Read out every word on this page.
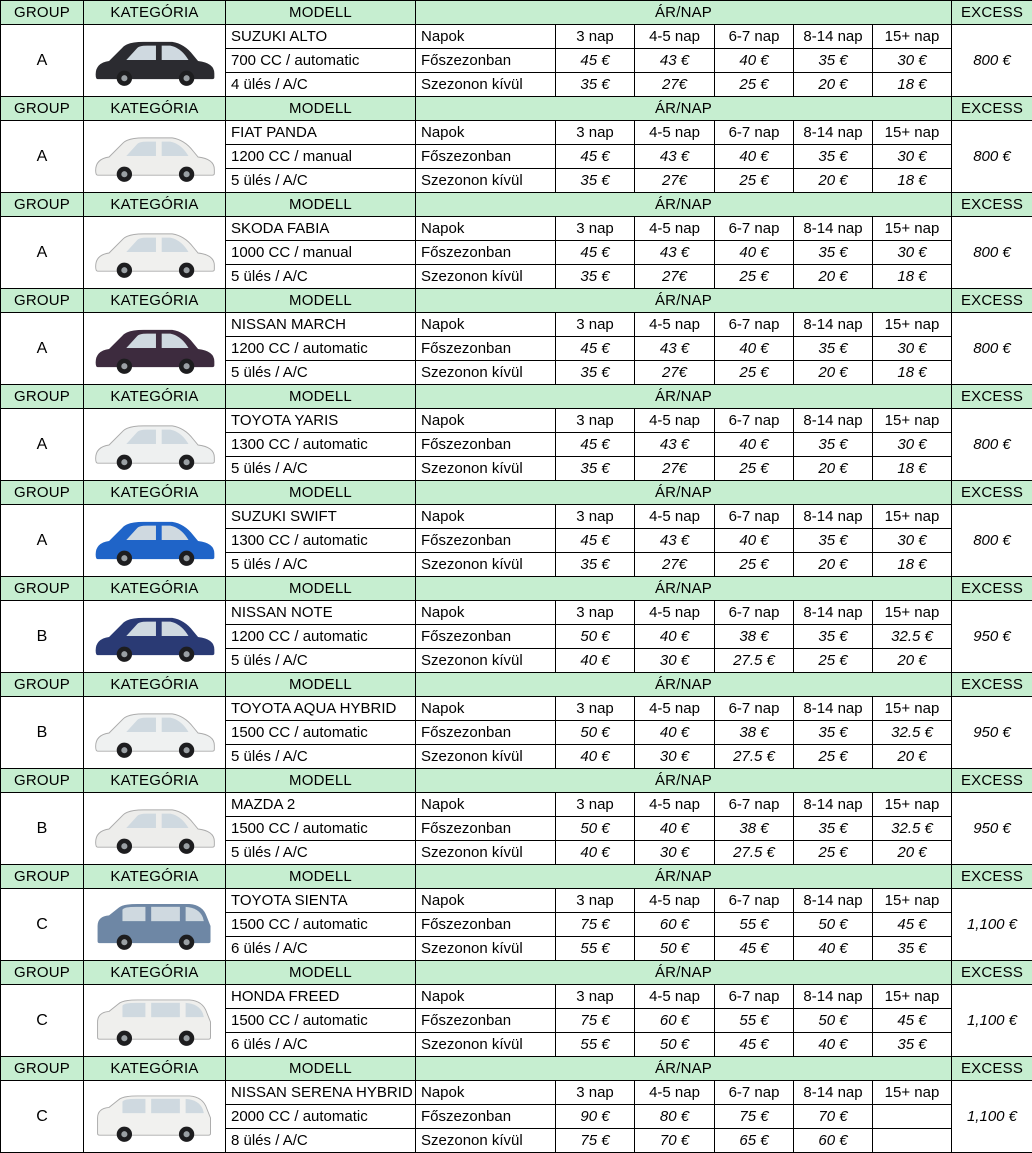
GROUP	KATEGÓRIA	MODELL	ÁR/NAP						EXCESS
A		SUZUKI ALTO	Napok	3 nap	4-5 nap	6-7 nap	8-14 nap	15+ nap	800 €
		700 CC / automatic	Főszezonban	45 €	43 €	40 €	35 €	30 €	
		4 ülés / A/C	Szezonon kívül	35 €	27€	25 €	20 €	18 €	
GROUP	KATEGÓRIA	MODELL	ÁR/NAP						EXCESS
A		FIAT PANDA	Napok	3 nap	4-5 nap	6-7 nap	8-14 nap	15+ nap	800 €
		1200 CC / manual	Főszezonban	45 €	43 €	40 €	35 €	30 €	
		5 ülés / A/C	Szezonon kívül	35 €	27€	25 €	20 €	18 €	
GROUP	KATEGÓRIA	MODELL	ÁR/NAP						EXCESS
A		SKODA FABIA	Napok	3 nap	4-5 nap	6-7 nap	8-14 nap	15+ nap	800 €
		1000 CC / manual	Főszezonban	45 €	43 €	40 €	35 €	30 €	
		5 ülés / A/C	Szezonon kívül	35 €	27€	25 €	20 €	18 €	
GROUP	KATEGÓRIA	MODELL	ÁR/NAP						EXCESS
A		NISSAN MARCH	Napok	3 nap	4-5 nap	6-7 nap	8-14 nap	15+ nap	800 €
		1200 CC / automatic	Főszezonban	45 €	43 €	40 €	35 €	30 €	
		5 ülés / A/C	Szezonon kívül	35 €	27€	25 €	20 €	18 €	
GROUP	KATEGÓRIA	MODELL	ÁR/NAP						EXCESS
A		TOYOTA YARIS	Napok	3 nap	4-5 nap	6-7 nap	8-14 nap	15+ nap	800 €
		1300 CC / automatic	Főszezonban	45 €	43 €	40 €	35 €	30 €	
		5 ülés / A/C	Szezonon kívül	35 €	27€	25 €	20 €	18 €	
GROUP	KATEGÓRIA	MODELL	ÁR/NAP						EXCESS
A		SUZUKI SWIFT	Napok	3 nap	4-5 nap	6-7 nap	8-14 nap	15+ nap	800 €
		1300 CC / automatic	Főszezonban	45 €	43 €	40 €	35 €	30 €	
		5 ülés / A/C	Szezonon kívül	35 €	27€	25 €	20 €	18 €	
GROUP	KATEGÓRIA	MODELL	ÁR/NAP						EXCESS
B		NISSAN NOTE	Napok	3 nap	4-5 nap	6-7 nap	8-14 nap	15+ nap	950 €
		1200 CC / automatic	Főszezonban	50 €	40 €	38 €	35 €	32.5 €	
		5 ülés / A/C	Szezonon kívül	40 €	30 €	27.5 €	25 €	20 €	
GROUP	KATEGÓRIA	MODELL	ÁR/NAP						EXCESS
B		TOYOTA AQUA HYBRID	Napok	3 nap	4-5 nap	6-7 nap	8-14 nap	15+ nap	950 €
		1500 CC / automatic	Főszezonban	50 €	40 €	38 €	35 €	32.5 €	
		5 ülés / A/C	Szezonon kívül	40 €	30 €	27.5 €	25 €	20 €	
GROUP	KATEGÓRIA	MODELL	ÁR/NAP						EXCESS
B		MAZDA 2	Napok	3 nap	4-5 nap	6-7 nap	8-14 nap	15+ nap	950 €
		1500 CC / automatic	Főszezonban	50 €	40 €	38 €	35 €	32.5 €	
		5 ülés / A/C	Szezonon kívül	40 €	30 €	27.5 €	25 €	20 €	
GROUP	KATEGÓRIA	MODELL	ÁR/NAP						EXCESS
C		TOYOTA SIENTA	Napok	3 nap	4-5 nap	6-7 nap	8-14 nap	15+ nap	1,100 €
		1500 CC / automatic	Főszezonban	75 €	60 €	55 €	50 €	45 €	
		6 ülés / A/C	Szezonon kívül	55 €	50 €	45 €	40 €	35 €	
GROUP	KATEGÓRIA	MODELL	ÁR/NAP						EXCESS
C		HONDA FREED	Napok	3 nap	4-5 nap	6-7 nap	8-14 nap	15+ nap	1,100 €
		1500 CC / automatic	Főszezonban	75 €	60 €	55 €	50 €	45 €	
		6 ülés / A/C	Szezonon kívül	55 €	50 €	45 €	40 €	35 €	
GROUP	KATEGÓRIA	MODELL	ÁR/NAP						EXCESS
C		NISSAN SERENA HYBRID	Napok	3 nap	4-5 nap	6-7 nap	8-14 nap	15+ nap	1,100 €
		2000 CC / automatic	Főszezonban	90 €	80 €	75 €	70 €		
		8 ülés / A/C	Szezonon kívül	75 €	70 €	65 €	60 €		
